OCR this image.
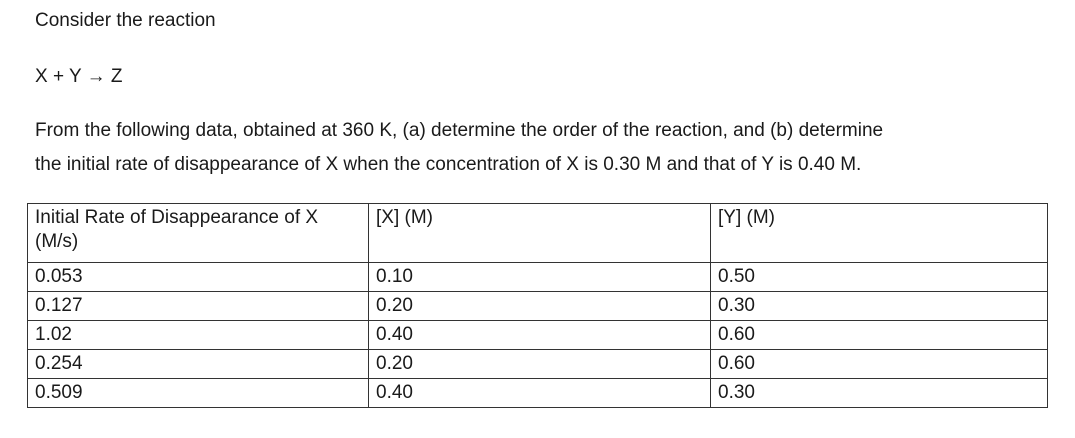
Consider the reaction
X + Y → Z
From the following data, obtained at 360 K, (a) determine the order of the reaction, and (b) determine
the initial rate of disappearance of X when the concentration of X is 0.30 M and that of Y is 0.40 M.
Initial Rate of Disappearance of X (M/s)	[X] (M)	[Y] (M)
0.053	0.10	0.50
0.127	0.20	0.30
1.02	0.40	0.60
0.254	0.20	0.60
0.509	0.40	0.30
